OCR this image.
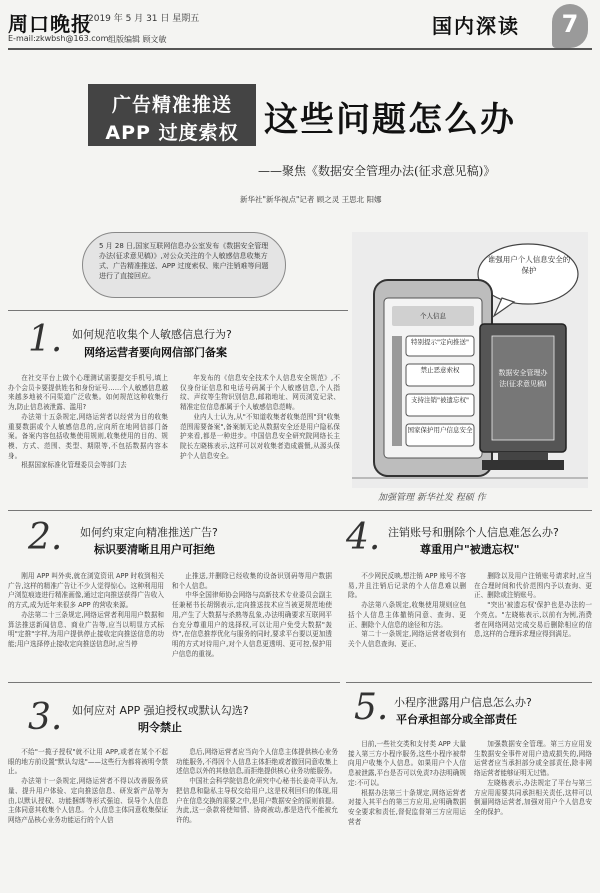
周口晚报
2019 年 5 月 31 日 星期五
E-mail:zkwbsh@163.com 组版编辑 顾文敏
国内深读	7
广告精准推送
APP 过度索权 这些问题怎么办
——聚焦《数据安全管理办法(征求意见稿)》
新华社"新华视点"记者 顾之灵 王思北 阳娜
5 月 28 日,国家互联网信息办公室发布《数据安全管理办法(征求意见稿)》,对公众关注的个人敏感信息收集方式、广告精准推送、APP 过度索权、账户注销难等问题进行了直接回应。
谁强用户个人信息安全的保护
个人信息
特别提示"定向推送"
禁止恶意索权
支持注销"被遗忘权"
国家保护用户信息安全
数据安全管理办法(征求意见稿)
加强管理 新华社发 程硕 作
1. 如何规范收集个人敏感信息行为?
网络运营者要向网信部门备案

在社交平台上做个心理测试需要提交手机号,填上办个会员卡要提供姓名和身份证号……个人敏感信息越来越多地被不同渠道广泛收集。如何规范这种收集行为,防止信息被泄露、滥用?

办法第十五条规定,网络运营者以经营为目的收集重要数据或个人敏感信息的,应向所在地网信部门备案。备案内容包括收集使用规则,收集使用的目的、规模、方式、范围、类型、期限等,不包括数据内容本身。

根据国家标准化管理委员会等部门去

年发布的《信息安全技术个人信息安全规范》,不仅身份证信息和电话号码属于个人敏感信息,个人指纹、声纹等生物识别信息,邮箱地址、网页浏览记录、精准定位信息都属于个人敏感信息范畴。

业内人士认为,从"不知道收集者收集范围"到"收集范围需要备案",备案制无论从数据安全还是用户隐私保护来看,都是一种进步。中国信息安全研究院网络长主院长左晓栋表示,这样可以对收集者造成震慑,从源头保护个人信息安全。

2. 如何约束定向精准推送广告?
标识要清晰且用户可拒绝

刚用 APP 叫外卖,就在浏览资讯 APP 时收到相关广告,这样的精准广告让不少人觉得惊心。这种利用用户浏览痕迹进行精准画像,通过定向推送获得广告收入的方式,成为近年来很多 APP 的营收来源。

办法第二十三条规定,网络运营者利用用户数据和算法推送新闻信息、商业广告等,应当以明显方式标明"定推"字样,为用户提供停止接收定向推送信息的功能;用户选择停止接收定向推送信息时,应当停

止推送,并删除已经收集的设备识别码等用户数据和个人信息。

中华全国律师协会网络与高新技术专业委员会副主任兼秘书长胡钢表示,定向推送技术应当被更规范地使用,产生了大数据与杀熟等乱象,办法明确要求互联网平台充分尊重用户的选择权,可以让用户免受大数据"轰炸",在信息推荐优化与服务的同时,要求平台要以更加透明的方式对待用户,对个人信息更透明、更可控,保护用户信息的重视。

4. 注销账号和删除个人信息难怎么办?
尊重用户"被遗忘权"

不少网民反映,想注销 APP 账号不容易,并且注销后记录的个人信息难以删除。

办法第八条规定,收集使用规则应包括个人信息主体撤销同意、查询、更正、删除个人信息的途径和方法。

第二十一条规定,网络运营者收到有关个人信息查询、更正、

删除以及用户注销账号请求时,应当在合理时间和代价范围内予以查询、更正、删除或注销账号。

"突出'被遗忘权'保护也是办法的一个亮点。"左晓栋表示,以前有为例,消费者在网络网站完成交易后删除相应的信息,这样的合理诉求理应得到满足。

3. 如何应对 APP 强迫授权或默认勾选?
明令禁止

不给"一揽子授权"就不让用 APP,或者在某个不起眼的地方前设置"默认勾选"——这些行为都将被明令禁止。

办法第十一条规定,网络运营者不得以改善服务质量、提升用户体验、定向推送信息、研发新产品等为由,以默认授权、功能捆绑等形式强迫、误导个人信息主体同意其收集个人信息。个人信息主体同意收集保证网络产品核心业务功能运行的个人信

息后,网络运营者应当向个人信息主体提供核心业务功能服务,不得因个人信息主体拒绝或者撤回同意收集上述信息以外的其他信息,而拒绝提供核心业务功能服务。

中国社会科学院信息化研究中心秘书长姜奇平认为,把信息和隐私主导权交给用户,这是权利回归的体现,用户在信息交换的需要之中,是用户数据安全的原则前提。为此,这一条款将使知情、协商被动,都是迭代不能被允许的。

5. 小程序泄露用户信息怎么办?
平台承担部分或全部责任

目前,一些社交类和支付类 APP 大量接入第三方小程序服务,这些小程序被带向用户收集个人信息。如果用户个人信息被泄露,平台是否可以免责?办法明确规定:不可以。

根据办法第三十条规定,网络运营者对接入其平台的第三方应用,应明确数据安全要求和责任,督促监督第三方应用运营者

加强数据安全管理。第三方应用发生数据安全事件对用户造成损失的,网络运营者应当承担部分或全部责任,除非网络运营者能够证明无过错。

左晓栋表示,办法规定了平台与第三方应用需要共同承担相关责任,这样可以倒逼网络运营者,加强对用户个人信息安全的保护。
